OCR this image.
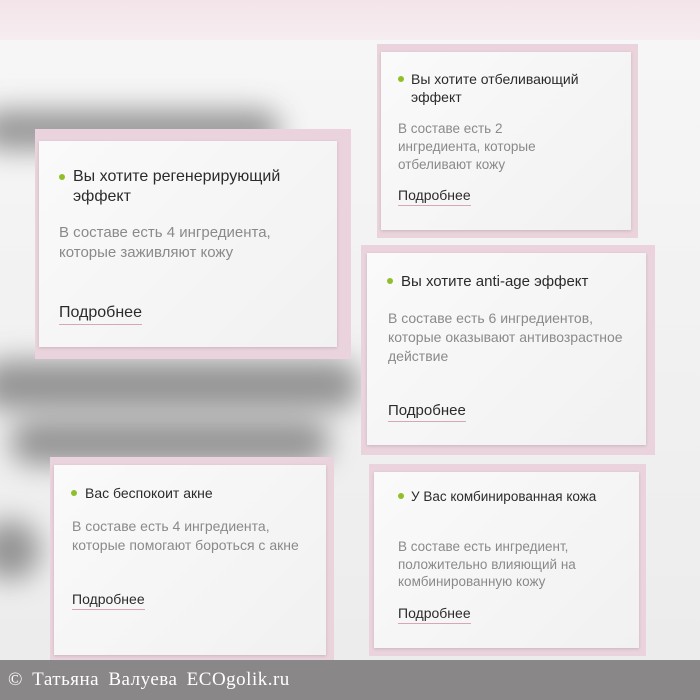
Вы хотите регенерирующий эффект
В составе есть 4 ингредиента, которые заживляют кожу
Подробнее
Вы хотите отбеливающий эффект
В составе есть 2 ингредиента, которые отбеливают кожу
Подробнее
Вы хотите anti-age эффект
В составе есть 6 ингредиентов, которые оказывают антивозрастное действие
Подробнее
Вас беспокоит акне
В составе есть 4 ингредиента, которые помогают бороться с акне
Подробнее
У Вас комбинированная кожа
В составе есть ингредиент, положительно влияющий на комбинированную кожу
Подробнее
© Татьяна Валуева ECOgolik.ru
